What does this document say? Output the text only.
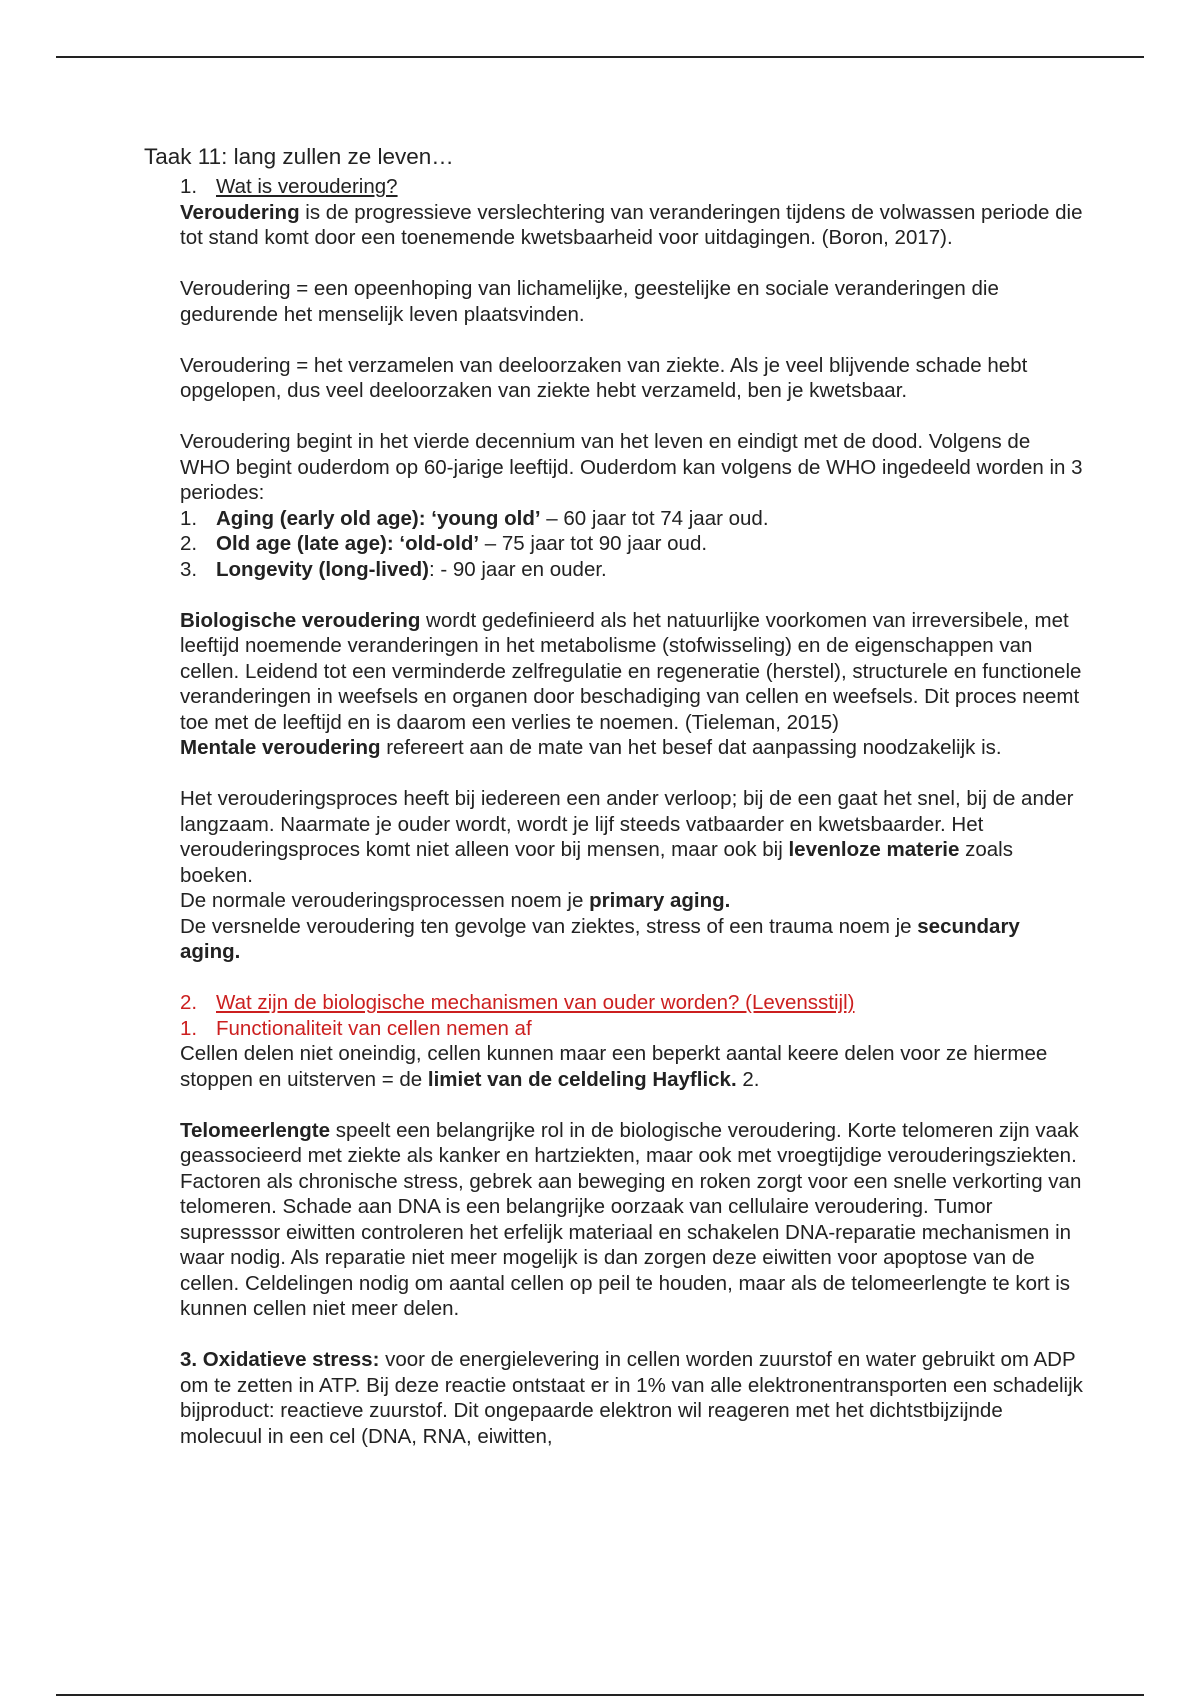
Taak 11: lang zullen ze leven…
1. Wat is veroudering?

Veroudering is de progressieve verslechtering van veranderingen tijdens de volwassen periode die tot stand komt door een toenemende kwetsbaarheid voor uitdagingen. (Boron, 2017).

Veroudering = een opeenhoping van lichamelijke, geestelijke en sociale veranderingen die gedurende het menselijk leven plaatsvinden.

Veroudering = het verzamelen van deeloorzaken van ziekte. Als je veel blijvende schade hebt opgelopen, dus veel deeloorzaken van ziekte hebt verzameld, ben je kwetsbaar.

Veroudering begint in het vierde decennium van het leven en eindigt met de dood. Volgens de WHO begint ouderdom op 60-jarige leeftijd. Ouderdom kan volgens de WHO ingedeeld worden in 3 periodes:

1. Aging (early old age): ‘young old’ – 60 jaar tot 74 jaar oud.
2. Old age (late age): ‘old-old’ – 75 jaar tot 90 jaar oud.
3. Longevity (long-lived): - 90 jaar en ouder.

Biologische veroudering wordt gedefinieerd als het natuurlijke voorkomen van irreversibele, met leeftijd noemende veranderingen in het metabolisme (stofwisseling) en de eigenschappen van cellen. Leidend tot een verminderde zelfregulatie en regeneratie (herstel), structurele en functionele veranderingen in weefsels en organen door beschadiging van cellen en weefsels. Dit proces neemt toe met de leeftijd en is daarom een verlies te noemen. (Tieleman, 2015)

Mentale veroudering refereert aan de mate van het besef dat aanpassing noodzakelijk is.

Het verouderingsproces heeft bij iedereen een ander verloop; bij de een gaat het snel, bij de ander langzaam. Naarmate je ouder wordt, wordt je lijf steeds vatbaarder en kwetsbaarder. Het verouderingsproces komt niet alleen voor bij mensen, maar ook bij levenloze materie zoals boeken.

De normale verouderingsprocessen noem je primary aging.

De versnelde veroudering ten gevolge van ziektes, stress of een trauma noem je secundary aging.

2. Wat zijn de biologische mechanismen van ouder worden? (Levensstijl)
1. Functionaliteit van cellen nemen af

Cellen delen niet oneindig, cellen kunnen maar een beperkt aantal keere delen voor ze hiermee stoppen en uitsterven = de limiet van de celdeling Hayflick. 2.

Telomeerlengte speelt een belangrijke rol in de biologische veroudering. Korte telomeren zijn vaak geassocieerd met ziekte als kanker en hartziekten, maar ook met vroegtijdige verouderingsziekten. Factoren als chronische stress, gebrek aan beweging en roken zorgt voor een snelle verkorting van telomeren. Schade aan DNA is een belangrijke oorzaak van cellulaire veroudering. Tumor supresssor eiwitten controleren het erfelijk materiaal en schakelen DNA-reparatie mechanismen in waar nodig. Als reparatie niet meer mogelijk is dan zorgen deze eiwitten voor apoptose van de cellen. Celdelingen nodig om aantal cellen op peil te houden, maar als de telomeerlengte te kort is kunnen cellen niet meer delen.

3. Oxidatieve stress: voor de energielevering in cellen worden zuurstof en water gebruikt om ADP om te zetten in ATP. Bij deze reactie ontstaat er in 1% van alle elektronentransporten een schadelijk bijproduct: reactieve zuurstof. Dit ongepaarde elektron wil reageren met het dichtstbijzijnde molecuul in een cel (DNA, RNA, eiwitten,
